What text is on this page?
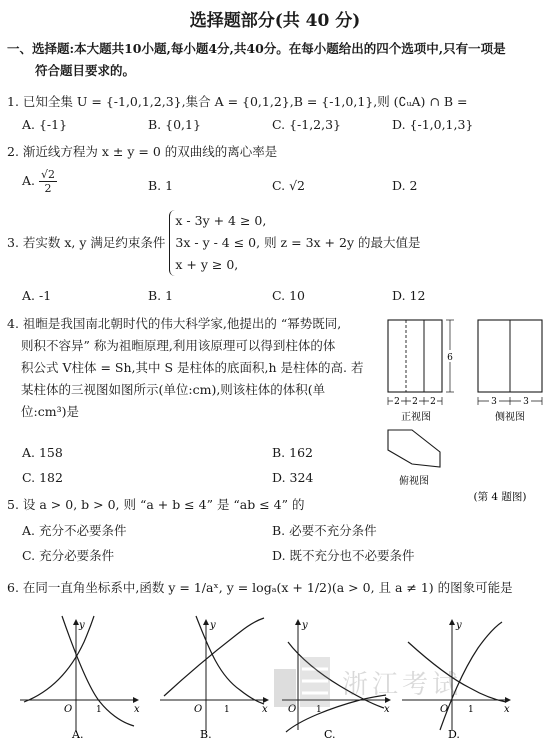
选择题部分(共 40 分)
一、选择题:本大题共10小题,每小题4分,共40分。在每小题给出的四个选项中,只有一项是
符合题目要求的。
1. 已知全集 U = {-1,0,1,2,3},集合 A = {0,1,2},B = {-1,0,1},则 (∁ᵤA) ∩ B =
A. {-1}	B. {0,1}	C. {-1,2,3}	D. {-1,0,1,3}
2. 渐近线方程为 x ± y = 0 的双曲线的离心率是
A. $\frac{√2}{2}$	B. 1	C. √2	D. 2
3. 若实数 x, y 满足约束条件
x - 3y + 4 ≥ 0,
3x - y - 4 ≤ 0, 则 z = 3x + 2y 的最大值是
x + y ≥ 0,
A. -1	B. 1	C. 10	D. 12
4. 祖暅是我国南北朝时代的伟大科学家,他提出的 “幂势既同,
则积不容异” 称为祖暅原理,利用该原理可以得到柱体的体
积公式 V柱体 = Sh,其中 S 是柱体的底面积,h 是柱体的高. 若
某柱体的三视图如图所示(单位:cm),则该柱体的体积(单
位:cm³)是
A. 158	B. 162
C. 182	D. 324
6
2 2 2
正视图
3	3
侧视图
俯视图
(第 4 题图)
5. 设 a > 0, b > 0, 则 “a + b ≤ 4” 是 “ab ≤ 4” 的
A. 充分不必要条件	B. 必要不充分条件
C. 充分必要条件	D. 既不充分也不必要条件
6. 在同一直角坐标系中,函数 y = 1/aˣ, y = logₐ(x + 1/2)(a > 0, 且 a ≠ 1) 的图象可能是
y
x
O	1
A.
y
x
O 1
B.
y
x
O 1
C.
y
x
O 1
D.
浙江考试
